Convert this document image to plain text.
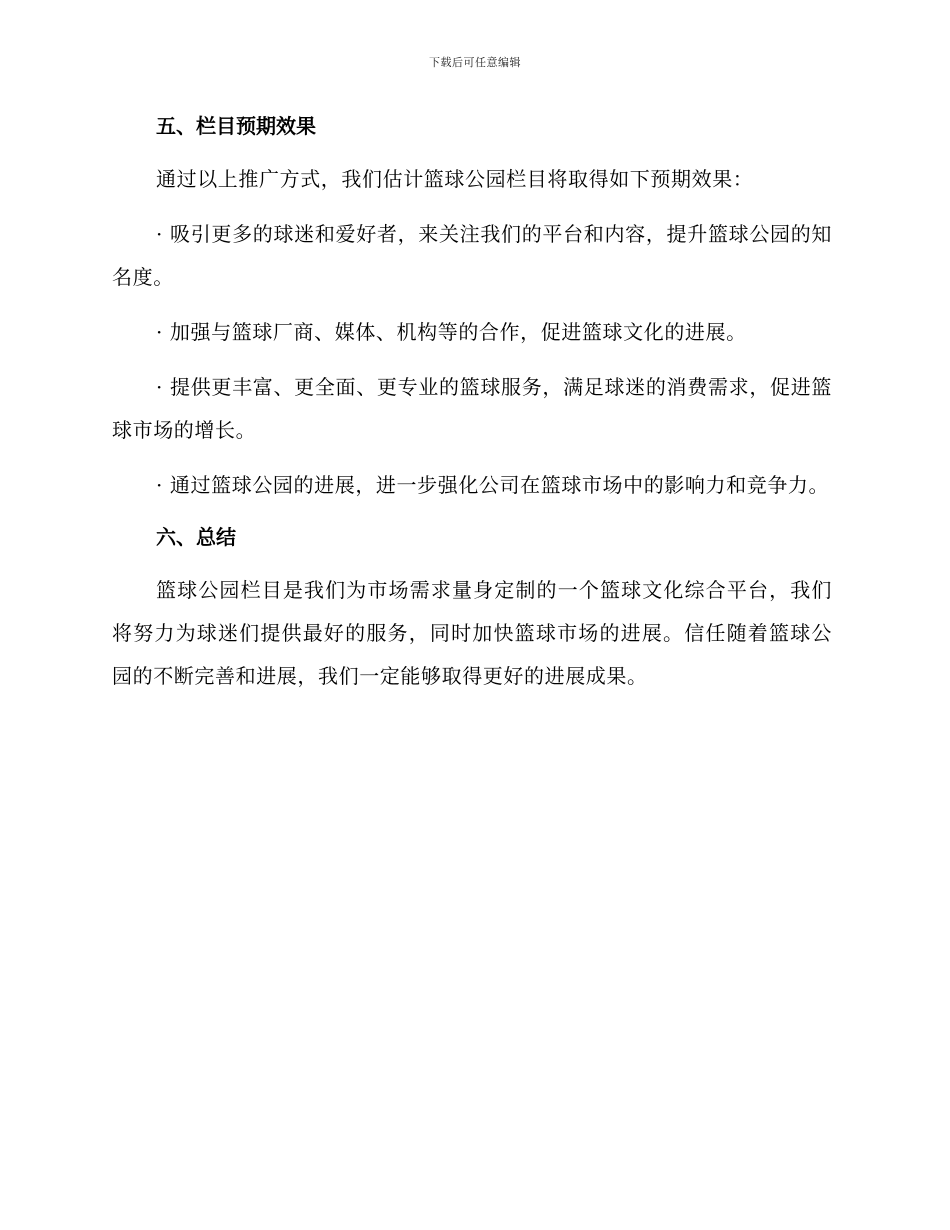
下载后可任意编辑
五、栏目预期效果

通过以上推广方式，我们估计篮球公园栏目将取得如下预期效果：

· 吸引更多的球迷和爱好者，来关注我们的平台和内容，提升篮球公园的知名度。

· 加强与篮球厂商、媒体、机构等的合作，促进篮球文化的进展。

· 提供更丰富、更全面、更专业的篮球服务，满足球迷的消费需求，促进篮球市场的增长。

· 通过篮球公园的进展，进一步强化公司在篮球市场中的影响力和竞争力。

六、总结

篮球公园栏目是我们为市场需求量身定制的一个篮球文化综合平台，我们将努力为球迷们提供最好的服务，同时加快篮球市场的进展。信任随着篮球公园的不断完善和进展，我们一定能够取得更好的进展成果。
